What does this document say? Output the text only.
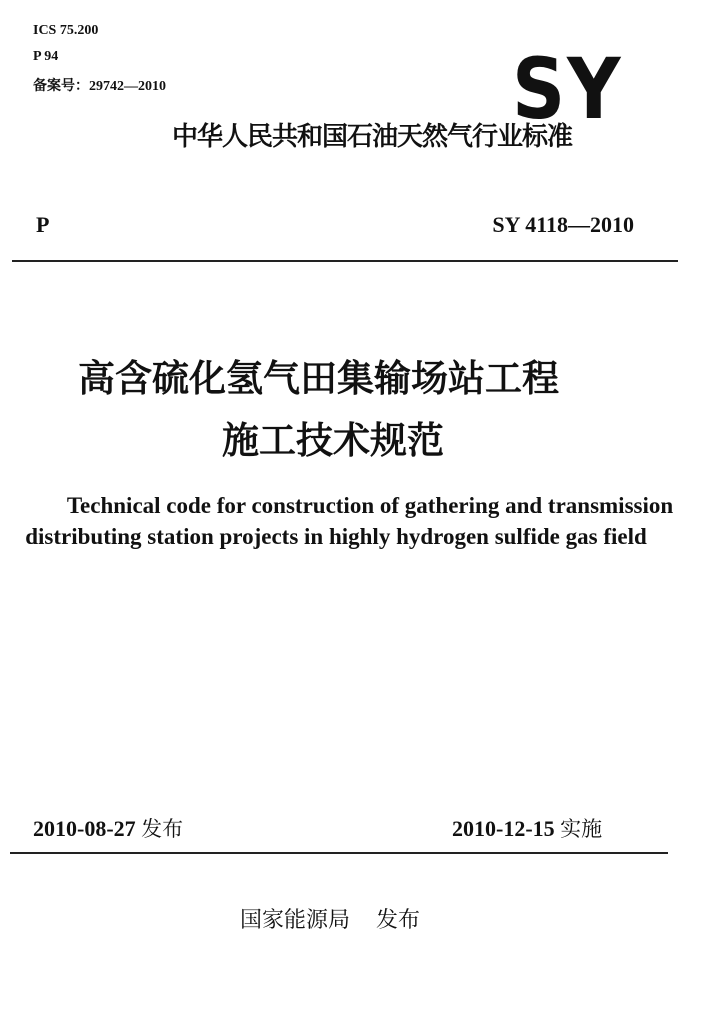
ICS 75.200
P 94
备案号：29742—2010	SY
中华人民共和国石油天然气行业标准
P	SY 4118—2010
高含硫化氢气田集输场站工程
施工技术规范
Technical code for construction of gathering and transmission
distributing station projects in highly hydrogen sulfide gas field
2010-08-27 发布	2010-12-15 实施
国家能源局 发布
